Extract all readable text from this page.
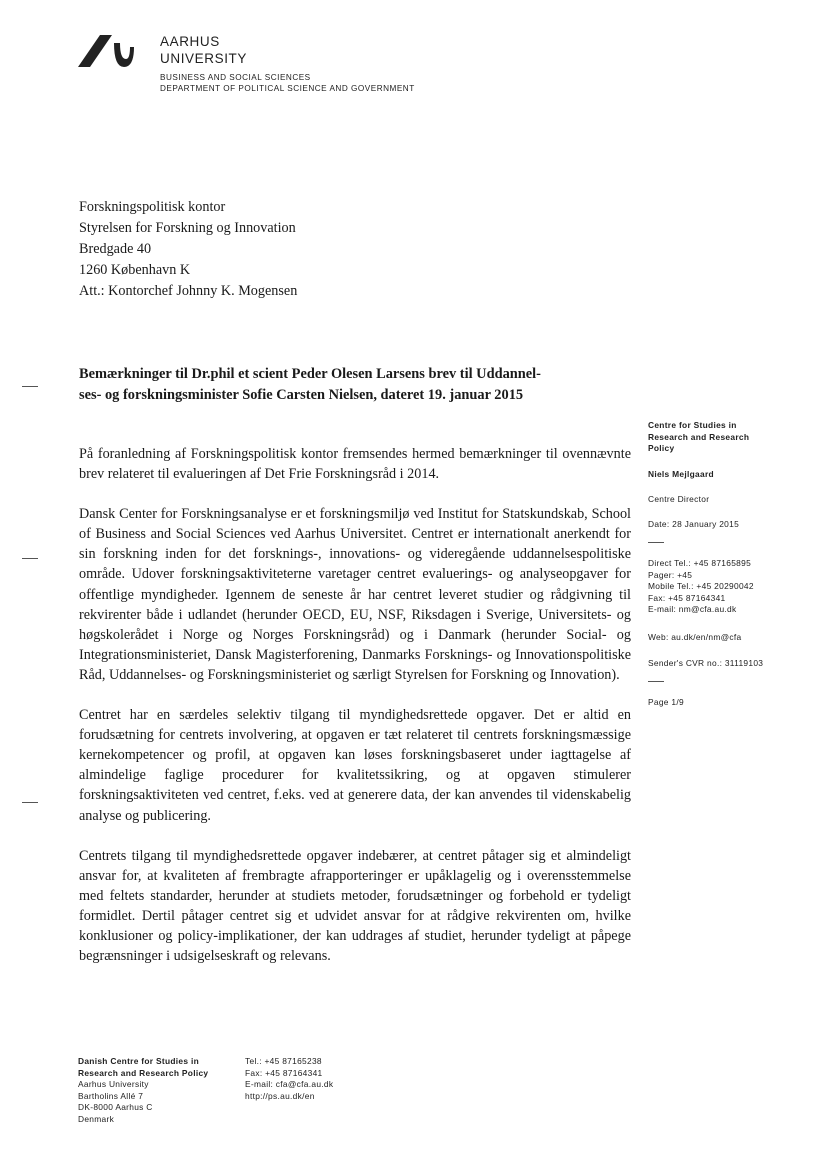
AARHUS
UNIVERSITY
BUSINESS AND SOCIAL SCIENCES
DEPARTMENT OF POLITICAL SCIENCE AND GOVERNMENT
Forskningspolitisk kontor
Styrelsen for Forskning og Innovation
Bredgade 40
1260 København K
Att.: Kontorchef Johnny K. Mogensen
Bemærkninger til Dr.phil et scient Peder Olesen Larsens brev til Uddannel-
ses- og forskningsminister Sofie Carsten Nielsen, dateret 19. januar 2015

På foranledning af Forskningspolitisk kontor fremsendes hermed bemærkninger til ovennævnte brev relateret til evalueringen af Det Frie Forskningsråd i 2014.

Dansk Center for Forskningsanalyse er et forskningsmiljø ved Institut for Statskundskab, School of Business and Social Sciences ved Aarhus Universitet. Centret er internationalt anerkendt for sin forskning inden for det forsknings-, innovations- og videregående uddannelsespolitiske område. Udover forskningsaktiviteterne varetager centret evaluerings- og analyseopgaver for offentlige myndigheder. Igennem de seneste år har centret leveret studier og rådgivning til rekvirenter både i udlandet (herunder OECD, EU, NSF, Riksdagen i Sverige, Universitets- og høgskolerådet i Norge og Norges Forskningsråd) og i Danmark (herunder Social- og Integrationsministeriet, Dansk Magisterforening, Danmarks Forsknings- og Innovationspolitiske Råd, Uddannelses- og Forskningsministeriet og særligt Styrelsen for Forskning og Innovation).

Centret har en særdeles selektiv tilgang til myndighedsrettede opgaver. Det er altid en forudsætning for centrets involvering, at opgaven er tæt relateret til centrets forskningsmæssige kernekompetencer og profil, at opgaven kan løses forskningsbaseret under iagttagelse af almindelige faglige procedurer for kvalitetssikring, og at opgaven stimulerer forskningsaktiviteten ved centret, f.eks. ved at generere data, der kan anvendes til videnskabelig analyse og publicering.

Centrets tilgang til myndighedsrettede opgaver indebærer, at centret påtager sig et almindeligt ansvar for, at kvaliteten af frembragte afrapporteringer er upåklagelig og i overensstemmelse med feltets standarder, herunder at studiets metoder, forudsætninger og forbehold er tydeligt formidlet. Dertil påtager centret sig et udvidet ansvar for at rådgive rekvirenten om, hvilke konklusioner og policy-implikationer, der kan uddrages af studiet, herunder tydeligt at påpege begrænsninger i udsigelseskraft og relevans.

Centre for Studies in
Research and Research
Policy
Niels Mejlgaard
Centre Director
Date: 28 January 2015
Direct Tel.: +45 87165895
Pager: +45
Mobile Tel.: +45 20290042
Fax: +45 87164341
E-mail: nm@cfa.au.dk
Web: au.dk/en/nm@cfa
Sender's CVR no.: 31119103
Page 1/9
Danish Centre for Studies in
Research and Research Policy
Aarhus University
Bartholins Allé 7
DK-8000 Aarhus C
Denmark
Tel.: +45 87165238
Fax: +45 87164341
E-mail: cfa@cfa.au.dk
http://ps.au.dk/en
